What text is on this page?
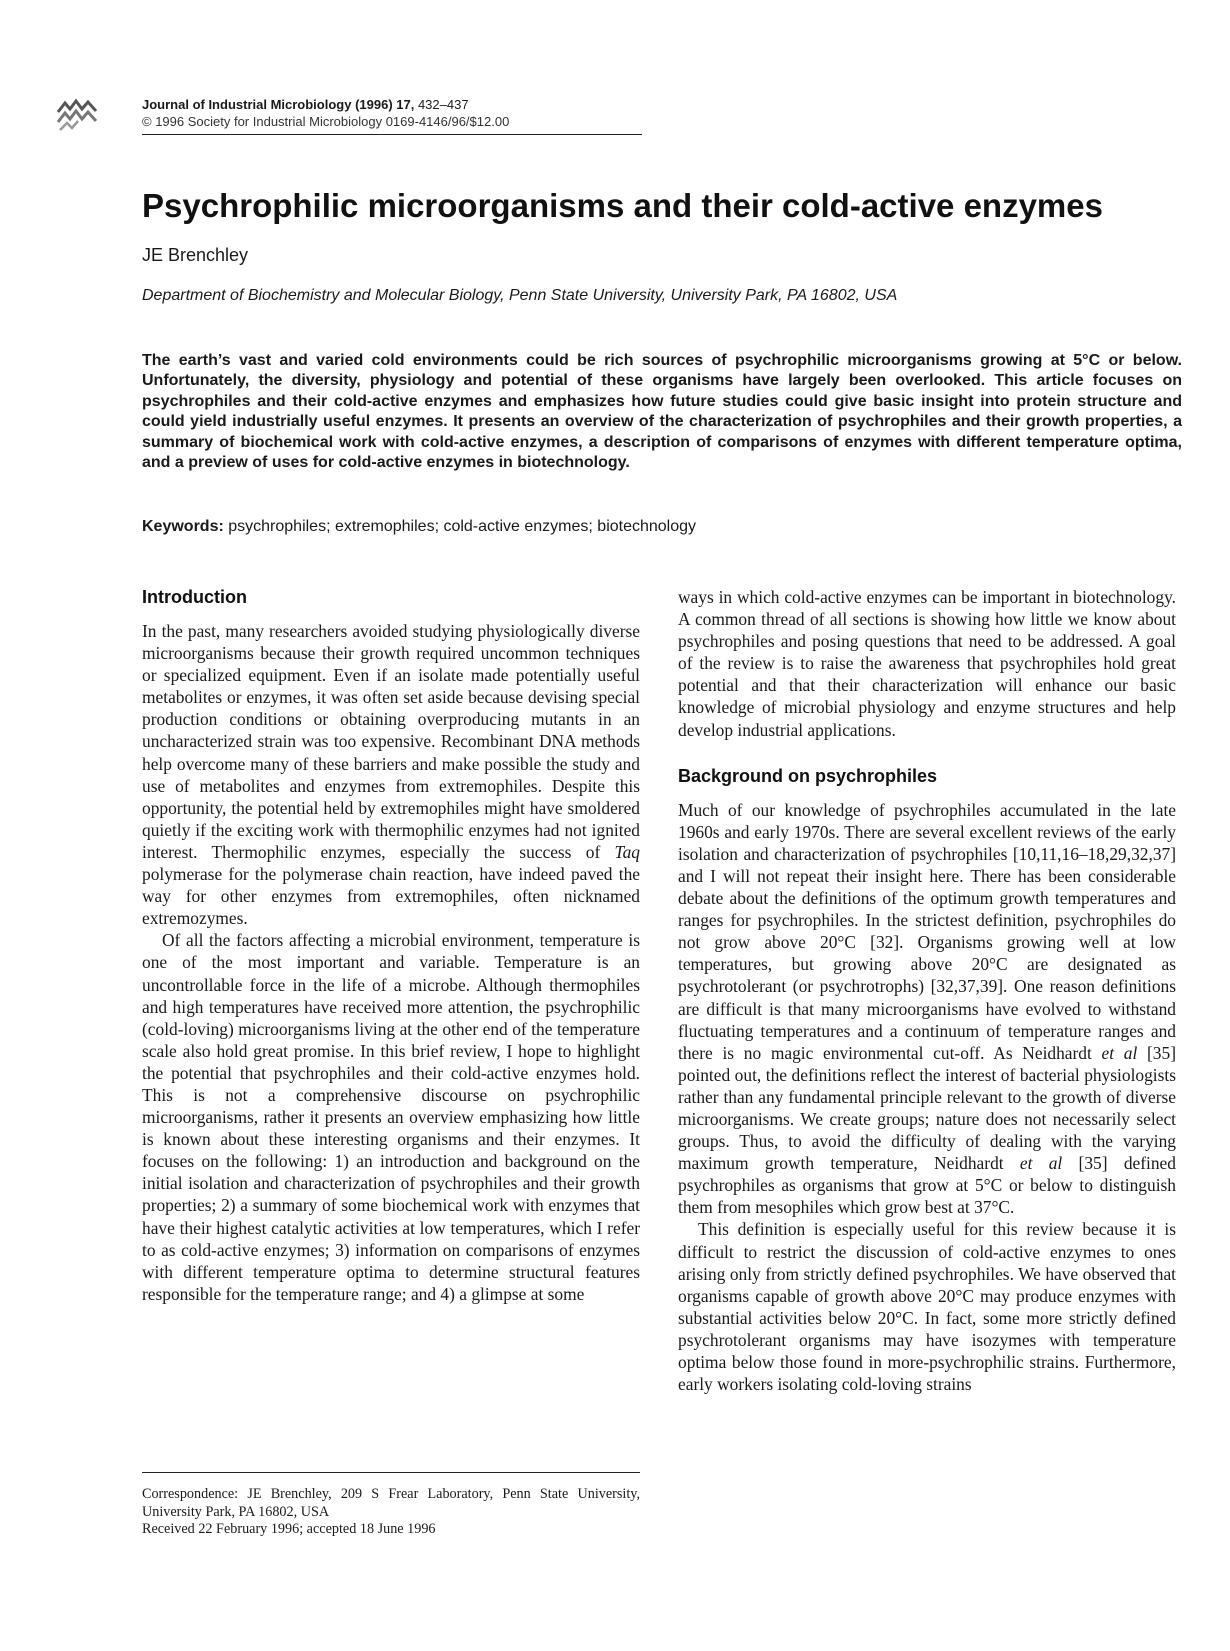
Journal of Industrial Microbiology (1996) 17, 432–437
© 1996 Society for Industrial Microbiology 0169-4146/96/$12.00
Psychrophilic microorganisms and their cold-active enzymes
JE Brenchley
Department of Biochemistry and Molecular Biology, Penn State University, University Park, PA 16802, USA

The earth’s vast and varied cold environments could be rich sources of psychrophilic microorganisms growing at 5°C or below. Unfortunately, the diversity, physiology and potential of these organisms have largely been overlooked. This article focuses on psychrophiles and their cold-active enzymes and emphasizes how future studies could give basic insight into protein structure and could yield industrially useful enzymes. It presents an overview of the characterization of psychrophiles and their growth properties, a summary of biochemical work with cold-active enzymes, a description of comparisons of enzymes with different temperature optima, and a preview of uses for cold-active enzymes in biotechnology.

Keywords: psychrophiles; extremophiles; cold-active enzymes; biotechnology
Introduction

In the past, many researchers avoided studying physiologically diverse microorganisms because their growth required uncommon techniques or specialized equipment. Even if an isolate made potentially useful metabolites or enzymes, it was often set aside because devising special production conditions or obtaining overproducing mutants in an uncharacterized strain was too expensive. Recombinant DNA methods help overcome many of these barriers and make possible the study and use of metabolites and enzymes from extremophiles. Despite this opportunity, the potential held by extremophiles might have smoldered quietly if the exciting work with thermophilic enzymes had not ignited interest. Thermophilic enzymes, especially the success of Taq polymerase for the polymerase chain reaction, have indeed paved the way for other enzymes from extremophiles, often nicknamed extremozymes.

Of all the factors affecting a microbial environment, temperature is one of the most important and variable. Temperature is an uncontrollable force in the life of a microbe. Although thermophiles and high temperatures have received more attention, the psychrophilic (cold-loving) microorganisms living at the other end of the temperature scale also hold great promise. In this brief review, I hope to highlight the potential that psychrophiles and their cold-active enzymes hold. This is not a comprehensive discourse on psychrophilic microorganisms, rather it presents an overview emphasizing how little is known about these interesting organisms and their enzymes. It focuses on the following: 1) an introduction and background on the initial isolation and characterization of psychrophiles and their growth properties; 2) a summary of some biochemical work with enzymes that have their highest catalytic activities at low temperatures, which I refer to as cold-active enzymes; 3) information on comparisons of enzymes with different temperature optima to determine structural features responsible for the temperature range; and 4) a glimpse at some

ways in which cold-active enzymes can be important in biotechnology. A common thread of all sections is showing how little we know about psychrophiles and posing questions that need to be addressed. A goal of the review is to raise the awareness that psychrophiles hold great potential and that their characterization will enhance our basic knowledge of microbial physiology and enzyme structures and help develop industrial applications.

Background on psychrophiles

Much of our knowledge of psychrophiles accumulated in the late 1960s and early 1970s. There are several excellent reviews of the early isolation and characterization of psychrophiles [10,11,16–18,29,32,37] and I will not repeat their insight here. There has been considerable debate about the definitions of the optimum growth temperatures and ranges for psychrophiles. In the strictest definition, psychrophiles do not grow above 20°C [32]. Organisms growing well at low temperatures, but growing above 20°C are designated as psychrotolerant (or psychrotrophs) [32,37,39]. One reason definitions are difficult is that many microorganisms have evolved to withstand fluctuating temperatures and a continuum of temperature ranges and there is no magic environmental cut-off. As Neidhardt et al [35] pointed out, the definitions reflect the interest of bacterial physiologists rather than any fundamental principle relevant to the growth of diverse microorganisms. We create groups; nature does not necessarily select groups. Thus, to avoid the difficulty of dealing with the varying maximum growth temperature, Neidhardt et al [35] defined psychrophiles as organisms that grow at 5°C or below to distinguish them from mesophiles which grow best at 37°C.

This definition is especially useful for this review because it is difficult to restrict the discussion of cold-active enzymes to ones arising only from strictly defined psychrophiles. We have observed that organisms capable of growth above 20°C may produce enzymes with substantial activities below 20°C. In fact, some more strictly defined psychrotolerant organisms may have isozymes with temperature optima below those found in more-psychrophilic strains. Furthermore, early workers isolating cold-loving strains

Correspondence: JE Brenchley, 209 S Frear Laboratory, Penn State University, University Park, PA 16802, USA

Received 22 February 1996; accepted 18 June 1996
